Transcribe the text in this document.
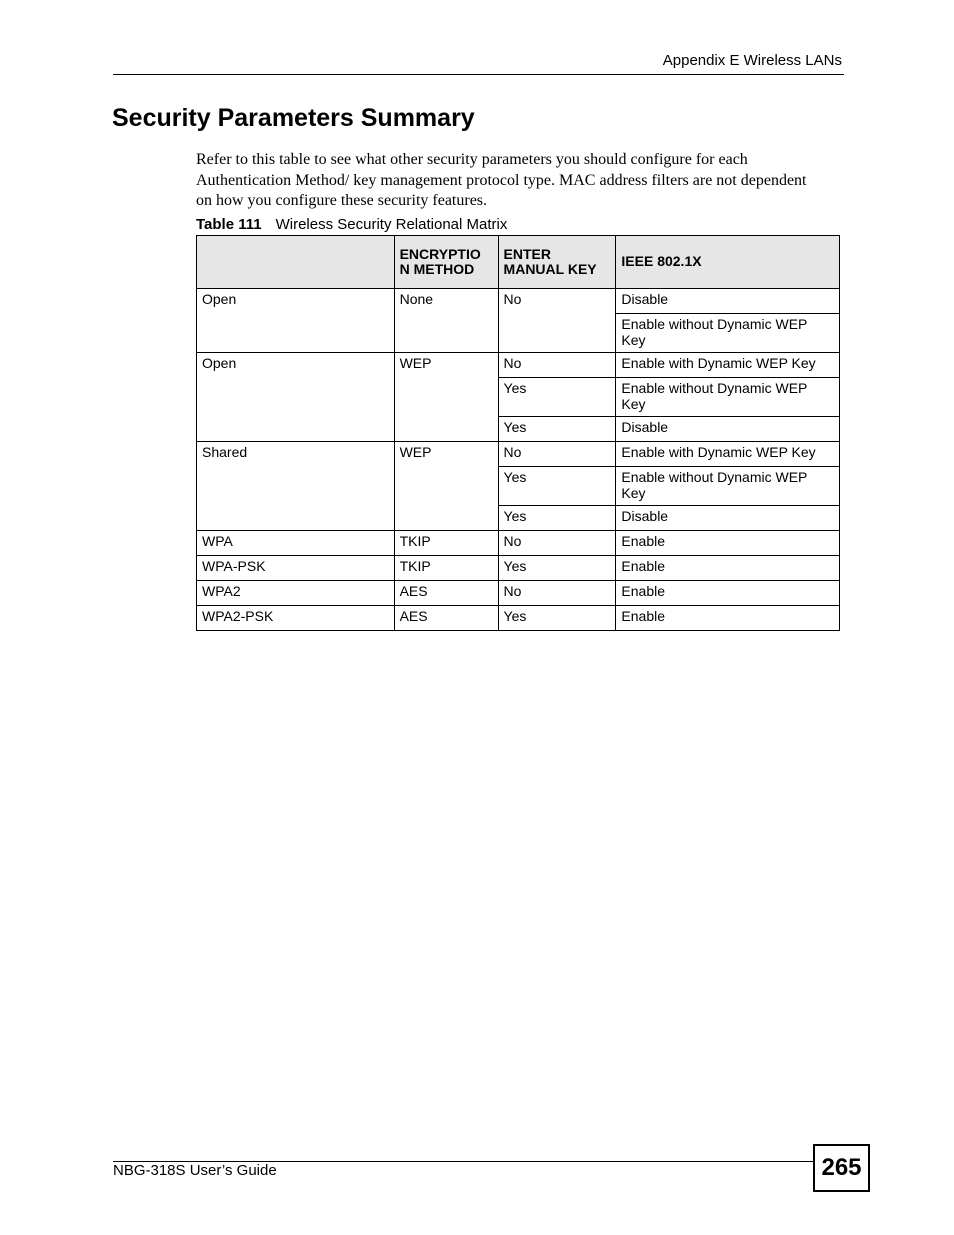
Appendix E Wireless LANs
Security Parameters Summary

Refer to this table to see what other security parameters you should configure for each Authentication Method/ key management protocol type. MAC address filters are not dependent on how you configure these security features.

Table 111 Wireless Security Relational Matrix
	ENCRYPTIO N METHOD	ENTER MANUAL KEY	IEEE 802.1X
Open	None	No	Disable
			Enable without Dynamic WEP Key
Open	WEP	No	Enable with Dynamic WEP Key
		Yes	Enable without Dynamic WEP Key
		Yes	Disable
Shared	WEP	No	Enable with Dynamic WEP Key
		Yes	Enable without Dynamic WEP Key
		Yes	Disable
WPA	TKIP	No	Enable
WPA-PSK	TKIP	Yes	Enable
WPA2	AES	No	Enable
WPA2-PSK	AES	Yes	Enable
NBG-318S User’s Guide	265
